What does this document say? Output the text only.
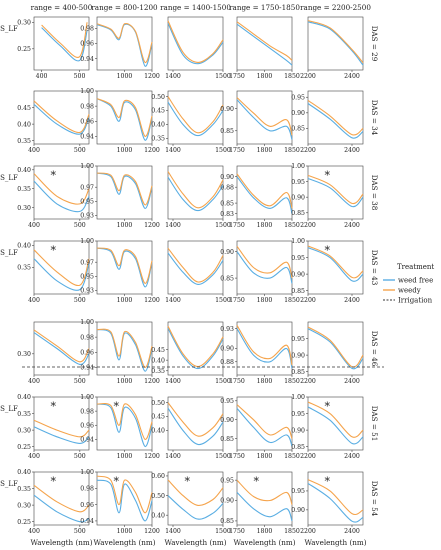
range = 400-500 range = 800-1200 range = 1400-1500
range = 1750-1850 range = 2200-2500
DAS = 29
DAS = 34
DAS = 38
DAS = 43
DAS = 46
DAS = 51
DAS = 54
S_LF
S_LF
S_LF
S_LF
S_LF
Wavelength (nm) Wavelength (nm) Wavelength (nm) Wavelength (nm) Wavelength (nm)
0.25
0.30
400	500
0.94
0.96
0.98
1000 1200 1400	1500
1750 1800 1850 2200	2400
0.35
0.40
0.45
400	500
0.94
0.96
0.98
1.00
1000 1200
0.35
0.40
0.45
0.50
1400	1500
0.85
0.90
1750 1800 1850
0.85
0.90
0.95
2200	2400
0.30
0.35
0.40
400	500
*
0.93
0.95
0.97
1.00
1000 1200 1400	1500
0.83
0.85
0.88
0.90
1750 1800 1850
0.85
0.90
0.95
1.00
2200	2400
*
0.35
0.40
400	500
*
0.93
0.95
0.97
1.00
1000 1200 1400	1500
0.85
0.90
1750 1800 1850
0.85
0.90
0.95
1.00
2200	2400
*
0.30
400	500
0.94
0.96
0.98
1.00
1000 1200
0.35
0.40
0.45
1400	1500
0.88
0.90
0.93
1750 1800 1850
0.85
0.90
0.95
2200	2400
0.25
0.30
0.35
0.40
400	500
*
0.94
0.96
0.98
1.00
1000 1200
*
0.40
0.45
0.50
1400	1500
0.85
0.90
0.95
1750 1800 1850
0.85
0.90
0.95
1.00
2200	2400
*
0.25
0.30
0.35
0.40
400	500
*
0.94
0.96
0.98
1.00
1000 1200
*
0.40
0.50
0.60
1400	1500
*
0.85
0.90
0.95
1750 1800 1850
*
0.90
0.95
2200	2400
*
Treatment
weed free
weedy
Irrigation
